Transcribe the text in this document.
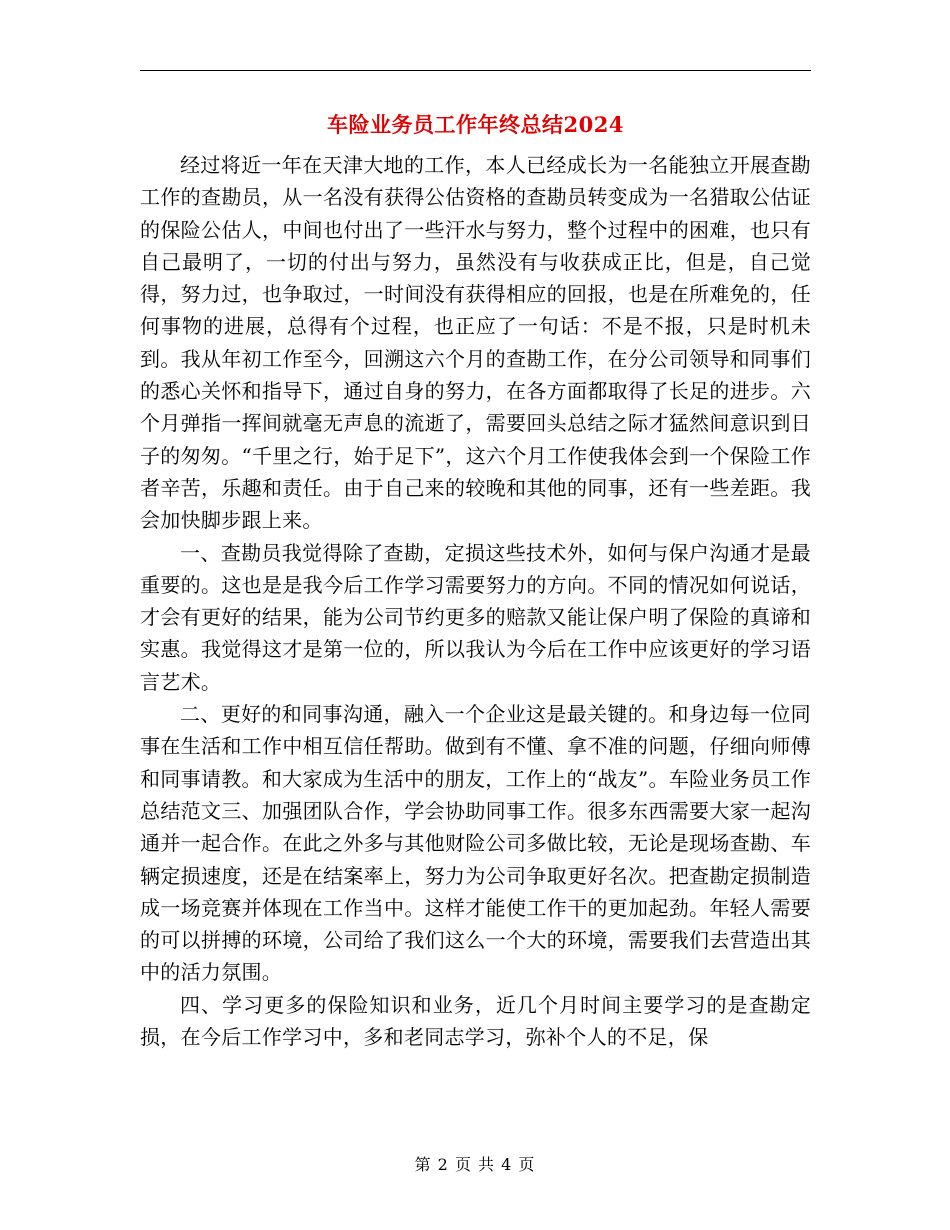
车险业务员工作年终总结2024

经过将近一年在天津大地的工作，本人已经成长为一名能独立开展查勘工作的查勘员，从一名没有获得公估资格的查勘员转变成为一名猎取公估证的保险公估人，中间也付出了一些汗水与努力，整个过程中的困难，也只有自己最明了，一切的付出与努力，虽然没有与收获成正比，但是，自己觉得，努力过，也争取过，一时间没有获得相应的回报，也是在所难免的，任何事物的进展，总得有个过程，也正应了一句话：不是不报，只是时机未到。我从年初工作至今，回溯这六个月的查勘工作，在分公司领导和同事们的悉心关怀和指导下，通过自身的努力，在各方面都取得了长足的进步。六个月弹指一挥间就毫无声息的流逝了，需要回头总结之际才猛然间意识到日子的匆匆。“千里之行，始于足下”，这六个月工作使我体会到一个保险工作者辛苦，乐趣和责任。由于自己来的较晚和其他的同事，还有一些差距。我会加快脚步跟上来。

一、查勘员我觉得除了查勘，定损这些技术外，如何与保户沟通才是最重要的。这也是是我今后工作学习需要努力的方向。不同的情况如何说话，才会有更好的结果，能为公司节约更多的赔款又能让保户明了保险的真谛和实惠。我觉得这才是第一位的，所以我认为今后在工作中应该更好的学习语言艺术。

二、更好的和同事沟通，融入一个企业这是最关键的。和身边每一位同事在生活和工作中相互信任帮助。做到有不懂、拿不准的问题，仔细向师傅和同事请教。和大家成为生活中的朋友，工作上的“战友”。车险业务员工作总结范文三、加强团队合作，学会协助同事工作。很多东西需要大家一起沟通并一起合作。在此之外多与其他财险公司多做比较，无论是现场查勘、车辆定损速度，还是在结案率上，努力为公司争取更好名次。把查勘定损制造成一场竞赛并体现在工作当中。这样才能使工作干的更加起劲。年轻人需要的可以拼搏的环境，公司给了我们这么一个大的环境，需要我们去营造出其中的活力氛围。

四、学习更多的保险知识和业务，近几个月时间主要学习的是查勘定损，在今后工作学习中，多和老同志学习，弥补个人的不足，保

第 2 页 共 4 页
